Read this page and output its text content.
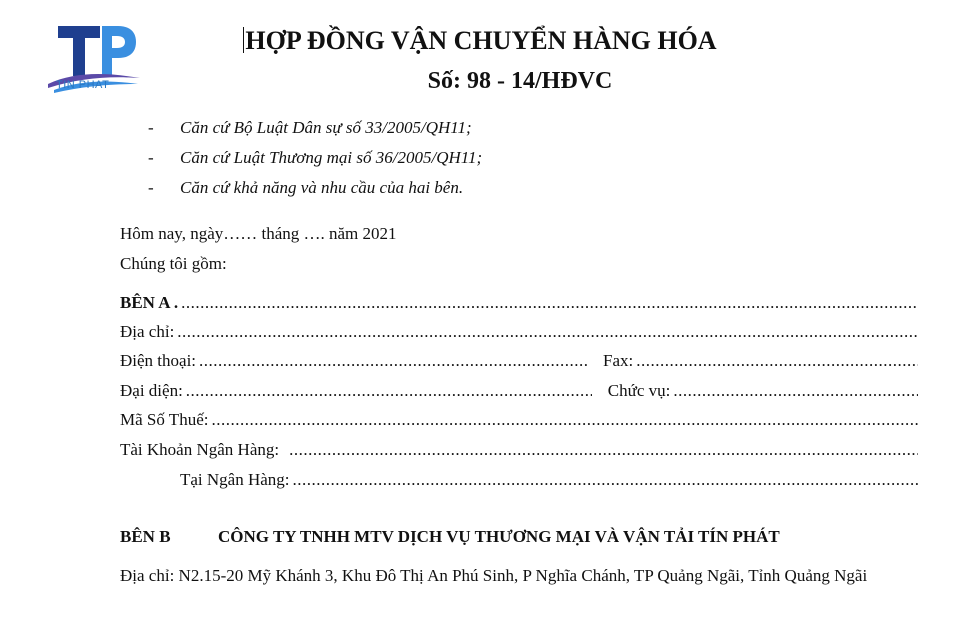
TIN PHAT
HỢP ĐỒNG VẬN CHUYỂN HÀNG HÓA
Số: 98 - 14/HĐVC
- Căn cứ Bộ Luật Dân sự số 33/2005/QH11;
- Căn cứ Luật Thương mại số 36/2005/QH11;
- Căn cứ khả năng và nhu cầu của hai bên.
Hôm nay, ngày…… tháng …. năm 2021
Chúng tôi gồm:
BÊN A .
.....
Địa chỉ:
.....
Điện thoại: .....	Fax:
.....
Đại diện: .....	Chức vụ:
.....
Mã Số Thuế:
.....
Tài Khoản Ngân Hàng:
.....
Tại Ngân Hàng:
.....
BÊN B	CÔNG TY TNHH MTV DỊCH VỤ THƯƠNG MẠI VÀ VẬN TẢI TÍN PHÁT
Địa chỉ: N2.15-20 Mỹ Khánh 3, Khu Đô Thị An Phú Sinh, P Nghĩa Chánh, TP Quảng Ngãi, Tỉnh Quảng Ngãi
